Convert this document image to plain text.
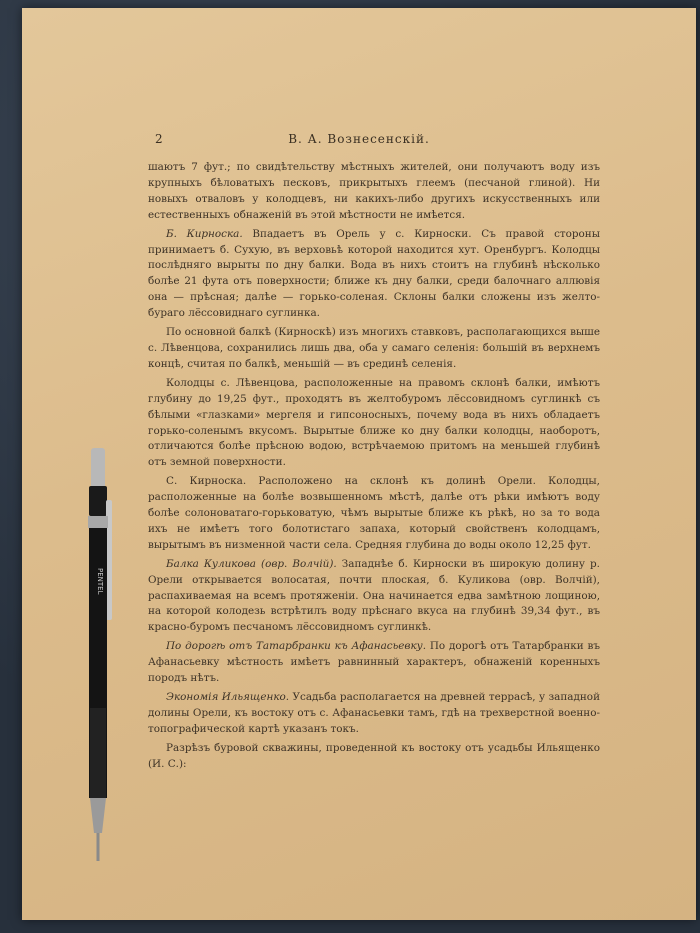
2	В. А. Вознесенскій.

шаютъ 7 фут.; по свидѣтельству мѣстныхъ жителей, они получаютъ воду изъ крупныхъ бѣловатыхъ песковъ, прикрытыхъ глеемъ (песчаной глиной). Ни новыхъ отваловъ у колодцевъ, ни какихъ-либо другихъ искусственныхъ или естественныхъ обнаженій въ этой мѣстности не имѣется.

Б. Кирноска. Впадаетъ въ Орель у с. Кирноски. Съ правой стороны принимаетъ б. Сухую, въ верховьѣ которой находится хут. Оренбургъ. Колодцы послѣдняго вырыты по дну балки. Вода въ нихъ стоитъ на глубинѣ нѣсколько болѣе 21 фута отъ поверхности; ближе къ дну балки, среди балочнаго аллювія она — прѣсная; далѣе — горько-соленая. Склоны балки сложены изъ желто-бураго лёссовиднаго суглинка.

По основной балкѣ (Кирноскѣ) изъ многихъ ставковъ, располагающихся выше с. Лѣвенцова, сохранились лишь два, оба у самаго селенія: большій въ верхнемъ концѣ, считая по балкѣ, меньшій — въ срединѣ селенія.

Колодцы с. Лѣвенцова, расположенные на правомъ склонѣ балки, имѣютъ глубину до 19,25 фут., проходятъ въ желтобуромъ лёссовидномъ суглинкѣ съ бѣлыми «глазками» мергеля и гипсоносныхъ, почему вода въ нихъ обладаетъ горько-соленымъ вкусомъ. Вырытые ближе ко дну балки колодцы, наоборотъ, отличаются болѣе прѣсною водою, встрѣчаемою притомъ на меньшей глубинѣ отъ земной поверхности.

С. Кирноска. Расположено на склонѣ къ долинѣ Орели. Колодцы, расположенные на болѣе возвышенномъ мѣстѣ, далѣе отъ рѣки имѣютъ воду болѣе солоноватаго-горьковатую, чѣмъ вырытые ближе къ рѣкѣ, но за то вода ихъ не имѣетъ того болотистаго запаха, который свойственъ колодцамъ, вырытымъ въ низменной части села. Средняя глубина до воды около 12,25 фут.

Балка Куликова (овр. Волчій). Западнѣе б. Кирноски въ широкую долину р. Орели открывается волосатая, почти плоская, б. Куликова (овр. Волчій), распахиваемая на всемъ протяженіи. Она начинается едва замѣтною лощиною, на которой колодезь встрѣтилъ воду прѣснаго вкуса на глубинѣ 39,34 фут., въ красно-буромъ песчаномъ лёссовидномъ суглинкѣ.

По дорогѣ отъ Татарбранки къ Афанасьевку. По дорогѣ отъ Татарбранки въ Афанасьевку мѣстность имѣетъ равнинный характеръ, обнаженій коренныхъ породъ нѣтъ.

Экономія Ильященко. Усадьба располагается на древней террасѣ, у западной долины Орели, къ востоку отъ с. Афанасьевки тамъ, гдѣ на трехверстной военно-топографической картѣ указанъ токъ.

Разрѣзъ буровой скважины, проведенной къ востоку отъ усадьбы Ильященко (И. С.):

PENTEL
